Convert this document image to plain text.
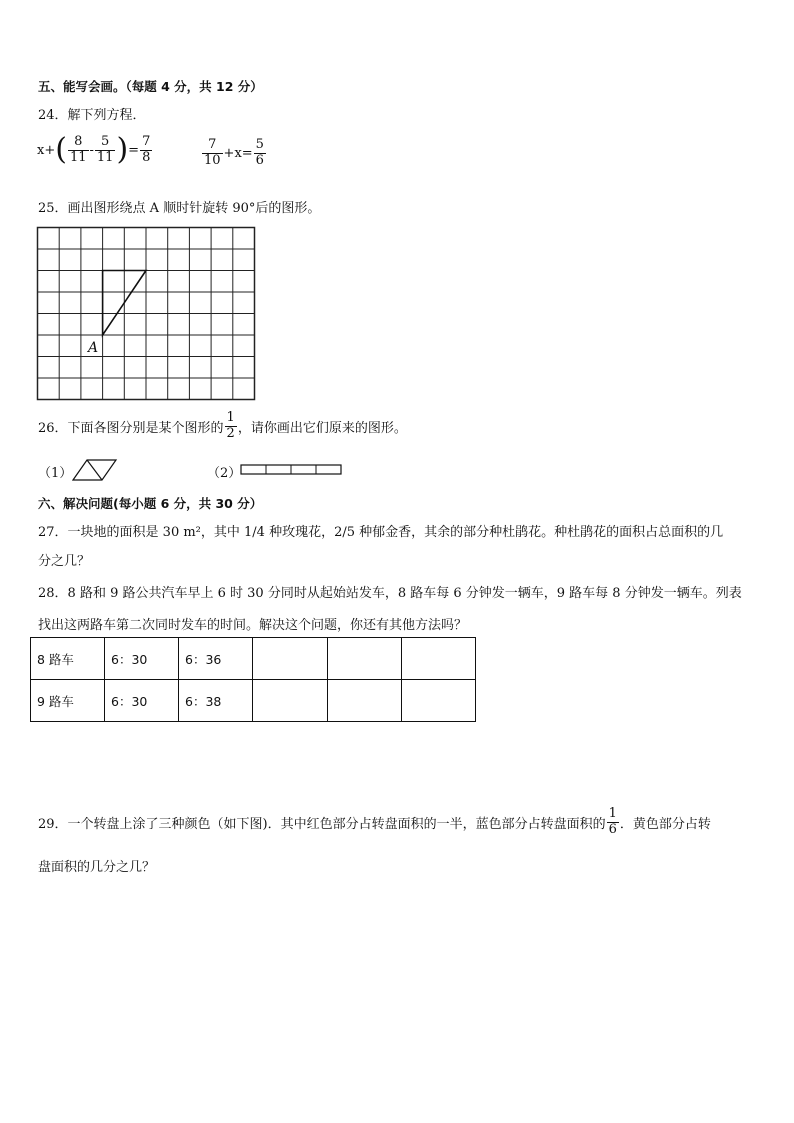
五、能写会画。（每题 4 分，共 12 分）
24．解下列方程．
x+ ( $\frac{8}{11} - \frac{5}{11}$ ) = $\frac{7}{8}$	$\frac{7}{10} +x= \frac{5}{6}$
25．画出图形绕点 A 顺时针旋转 90°后的图形。
A
26．下面各图分别是某个图形的 $\frac{1}{2}$ ，请你画出它们原来的图形。
（1）	（2）
六、解决问题(每小题 6 分，共 30 分）
27．一块地的面积是 30 m²，其中 1/4 种玫瑰花，2/5 种郁金香，其余的部分种杜鹃花。种杜鹃花的面积占总面积的几
分之几？
28．8 路和 9 路公共汽车早上 6 时 30 分同时从起始站发车，8 路车每 6 分钟发一辆车，9 路车每 8 分钟发一辆车。列表
找出这两路车第二次同时发车的时间。解决这个问题，你还有其他方法吗？
8 路车	6：30	6：36			
9 路车	6：30	6：38			
29．一个转盘上涂了三种颜色（如下图)．其中红色部分占转盘面积的一半，蓝色部分占转盘面积的 $\frac{1}{6}$ ．黄色部分占转
盘面积的几分之几？
